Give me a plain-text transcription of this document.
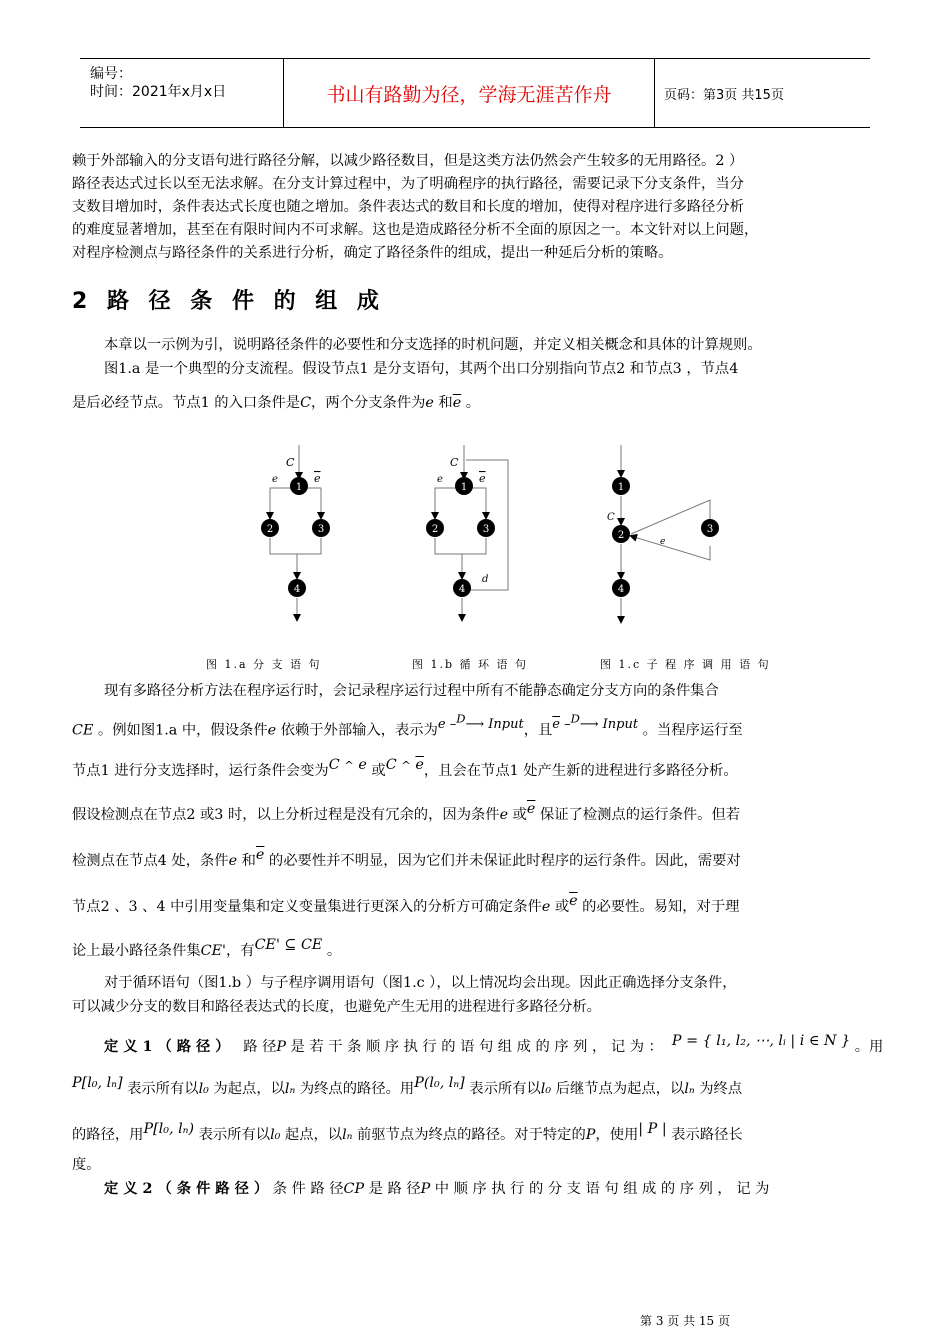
编号：
时间：2021年x月x日	书山有路勤为径，学海无涯苦作舟	页码：第3页 共15页
赖于外部输入的分支语句进行路径分解，以减少路径数目，但是这类方法仍然会产生较多的无用路径。2 ）
路径表达式过长以至无法求解。在分支计算过程中，为了明确程序的执行路径，需要记录下分支条件，当分
支数目增加时，条件表达式长度也随之增加。条件表达式的数目和长度的增加，使得对程序进行多路径分析
的难度显著增加，甚至在有限时间内不可求解。这也是造成路径分析不全面的原因之一。本文针对以上问题，
对程序检测点与路径条件的关系进行分析，确定了路径条件的组成，提出一种延后分析的策略。
2 路 径 条 件 的 组 成
本章以一示例为引，说明路径条件的必要性和分支选择的时机问题，并定义相关概念和具体的计算规则。
图1.a 是一个典型的分支流程。假设节点1 是分支语句，其两个出口分别指向节点2 和节点3 ，节点4
是后必经节点。节点1 的入口条件是C，两个分支条件为e 和$\overline{e}$ 。
1
2	3
4
C
e	e
1
2	3
4
C
e	e
d
1
2
3
4
C
e
图 1.a 分 支 语 句	图 1.b 循 环 语 句	图 1.c 子 程 序 调 用 语 句
现有多路径分析方法在程序运行时，会记录程序运行过程中所有不能静态确定分支方向的条件集合
CE 。例如图1.a 中，假设条件e 依赖于外部输入，表示为e –$^D$⟶ Input，且$\overline{e}$ –$^D$⟶ Input 。当程序运行至
节点1 进行分支选择时，运行条件会变为C ^ e 或C ^ $\overline{e}$，且会在节点1 处产生新的进程进行多路径分析。
假设检测点在节点2 或3 时，以上分析过程是没有冗余的，因为条件e 或$\overline{e}$ 保证了检测点的运行条件。但若
检测点在节点4 处，条件e 和$\overline{e}$ 的必要性并不明显，因为它们并未保证此时程序的运行条件。因此，需要对
节点2 、3 、4 中引用变量集和定义变量集进行更深入的分析方可确定条件e 或$\overline{e}$ 的必要性。易知，对于理
论上最小路径条件集CE'，有CE' ⊆ CE 。
对于循环语句（图1.b ）与子程序调用语句（图1.c ），以上情况均会出现。因此正确选择分支条件，
可以减少分支的数目和路径表达式的长度，也避免产生无用的进程进行多路径分析。
定 义 1 （ 路 径 ） 路 径P 是 若 干 条 顺 序 执 行 的 语 句 组 成 的 序 列 ， 记 为 ： P = { l₁, l₂, ⋯, lᵢ | i ∈ N } 。用
P[l₀, lₙ] 表示所有以l₀ 为起点，以lₙ 为终点的路径。用P(l₀, lₙ] 表示所有以l₀ 后继节点为起点，以lₙ 为终点
的路径，用P[l₀, lₙ) 表示所有以l₀ 起点，以lₙ 前驱节点为终点的路径。对于特定的P，使用| P | 表示路径长
度。
定 义 2 （ 条 件 路 径 ） 条 件 路 径CP 是 路 径P 中 顺 序 执 行 的 分 支 语 句 组 成 的 序 列 ， 记 为
第 3 页 共 15 页
